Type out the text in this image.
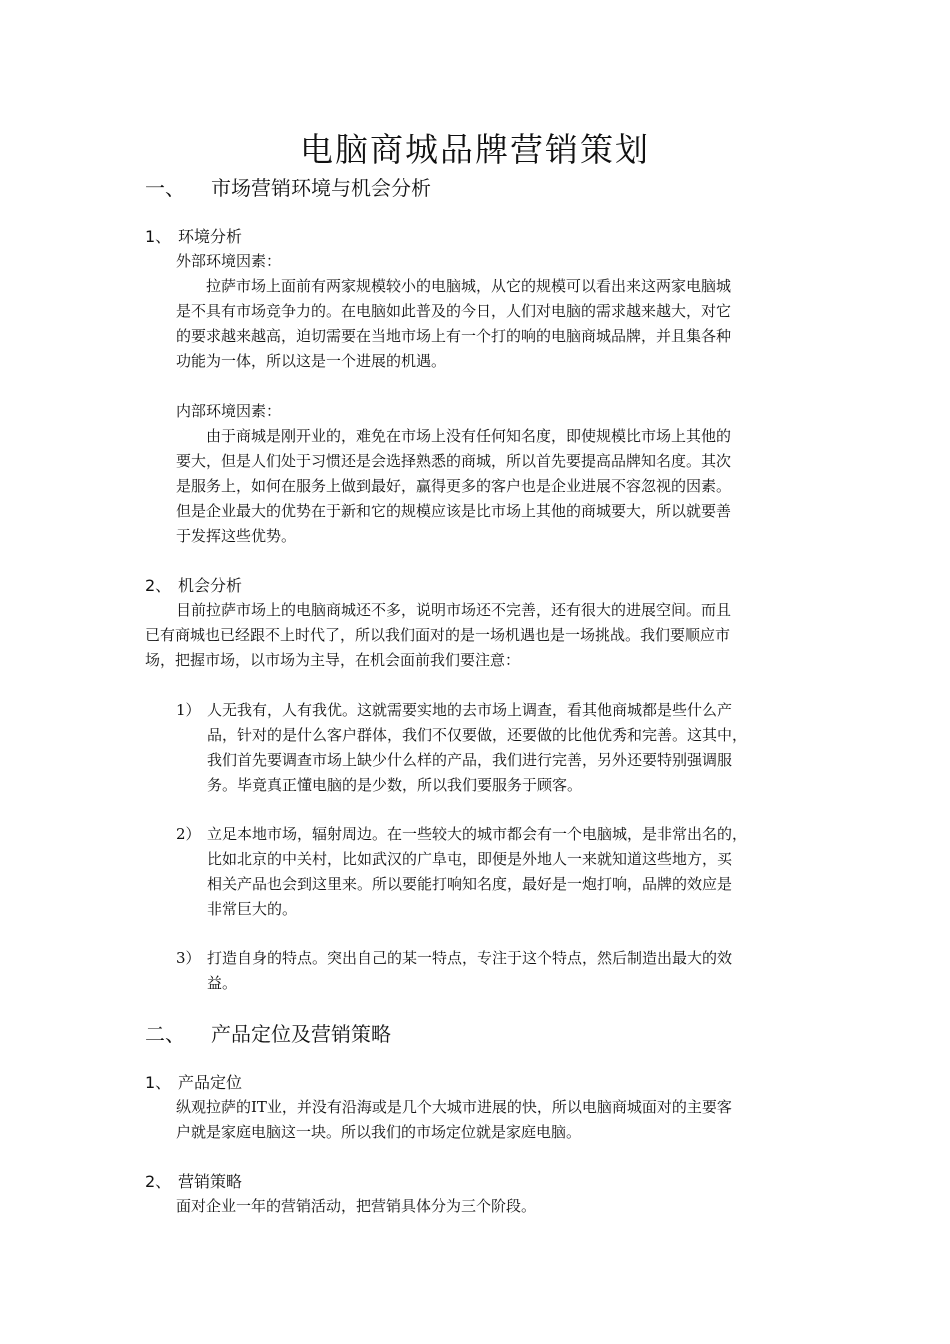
电脑商城品牌营销策划
一、 市场营销环境与机会分析
1、 环境分析
外部环境因素：
拉萨市场上面前有两家规模较小的电脑城，从它的规模可以看出来这两家电脑城
是不具有市场竞争力的。在电脑如此普及的今日，人们对电脑的需求越来越大，对它
的要求越来越高，迫切需要在当地市场上有一个打的响的电脑商城品牌，并且集各种
功能为一体，所以这是一个进展的机遇。
内部环境因素：
由于商城是刚开业的，难免在市场上没有任何知名度，即使规模比市场上其他的
要大，但是人们处于习惯还是会选择熟悉的商城，所以首先要提高品牌知名度。其次
是服务上，如何在服务上做到最好，赢得更多的客户也是企业进展不容忽视的因素。
但是企业最大的优势在于新和它的规模应该是比市场上其他的商城要大，所以就要善
于发挥这些优势。
2、 机会分析
目前拉萨市场上的电脑商城还不多，说明市场还不完善，还有很大的进展空间。而且
已有商城也已经跟不上时代了，所以我们面对的是一场机遇也是一场挑战。我们要顺应市
场，把握市场，以市场为主导，在机会面前我们要注意：
1） 人无我有，人有我优。这就需要实地的去市场上调查，看其他商城都是些什么产
品，针对的是什么客户群体，我们不仅要做，还要做的比他优秀和完善。这其中，
我们首先要调查市场上缺少什么样的产品，我们进行完善，另外还要特别强调服
务。毕竟真正懂电脑的是少数，所以我们要服务于顾客。
2） 立足本地市场，辐射周边。在一些较大的城市都会有一个电脑城，是非常出名的，
比如北京的中关村，比如武汉的广阜屯，即便是外地人一来就知道这些地方，买
相关产品也会到这里来。所以要能打响知名度，最好是一炮打响，品牌的效应是
非常巨大的。
3） 打造自身的特点。突出自己的某一特点，专注于这个特点，然后制造出最大的效
益。
二、 产品定位及营销策略
1、 产品定位
纵观拉萨的IT业，并没有沿海或是几个大城市进展的快，所以电脑商城面对的主要客
户就是家庭电脑这一块。所以我们的市场定位就是家庭电脑。
2、 营销策略
面对企业一年的营销活动，把营销具体分为三个阶段。
